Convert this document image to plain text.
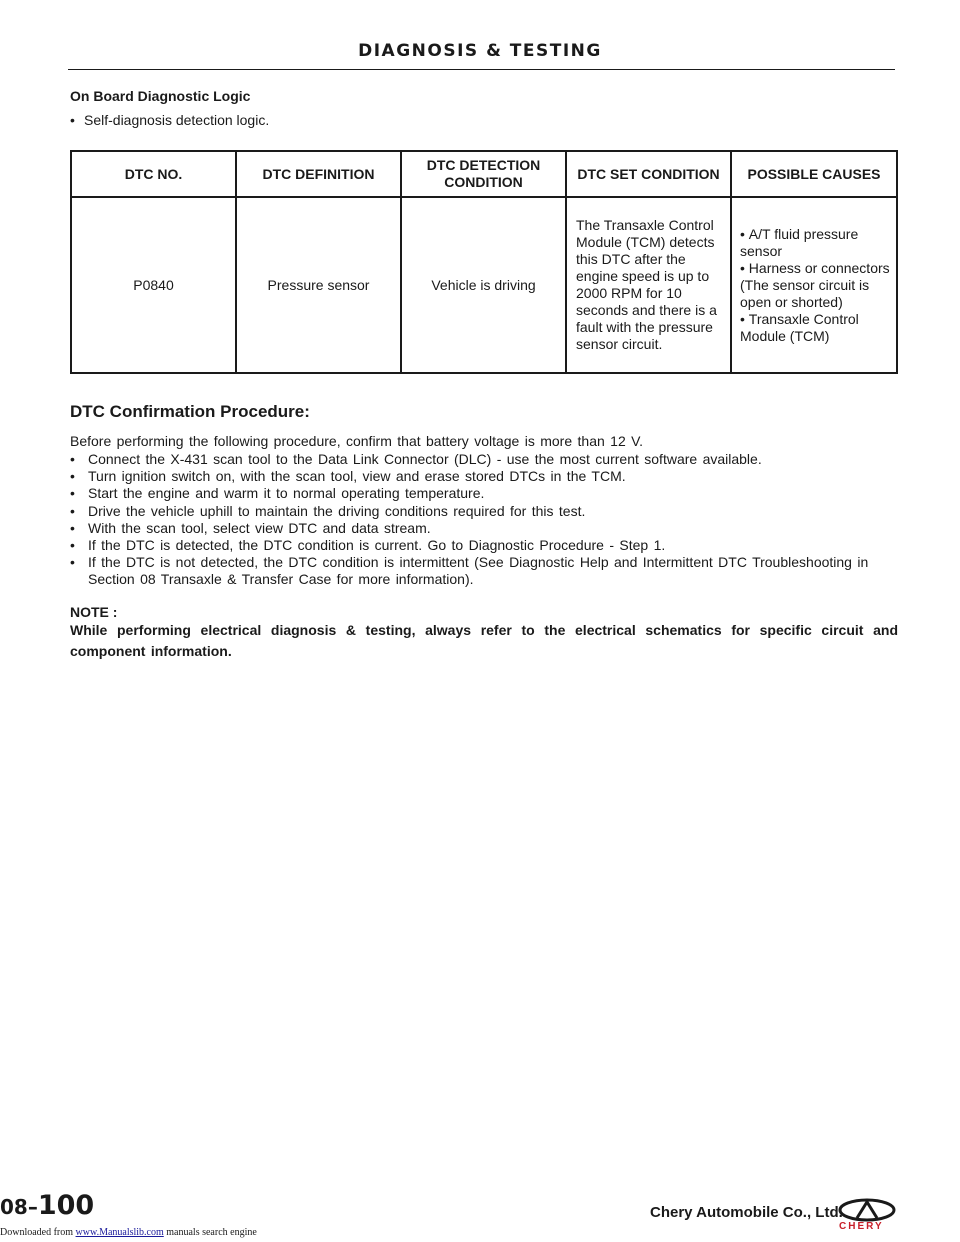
DIAGNOSIS & TESTING
On Board Diagnostic Logic
• Self-diagnosis detection logic.
DTC NO.	DTC DEFINITION	DTC DETECTION CONDITION	DTC SET CONDITION	POSSIBLE CAUSES
P0840	Pressure sensor	Vehicle is driving	The Transaxle Control Module (TCM) detects this DTC after the engine speed is up to 2000 RPM for 10 seconds and there is a fault with the pressure sensor circuit.	• A/T fluid pressure sensor
• Harness or connectors (The sensor circuit is open or shorted)
• Transaxle Control Module (TCM)
DTC Confirmation Procedure:
Before performing the following procedure, confirm that battery voltage is more than 12 V.
• Connect the X-431 scan tool to the Data Link Connector (DLC) - use the most current software available.
• Turn ignition switch on, with the scan tool, view and erase stored DTCs in the TCM.
• Start the engine and warm it to normal operating temperature.
• Drive the vehicle uphill to maintain the driving conditions required for this test.
• With the scan tool, select view DTC and data stream.
• If the DTC is detected, the DTC condition is current. Go to Diagnostic Procedure - Step 1.
• If the DTC is not detected, the DTC condition is intermittent (See Diagnostic Help and Intermittent DTC Troubleshooting in Section 08 Transaxle & Transfer Case for more information).
NOTE :
While performing electrical diagnosis & testing, always refer to the electrical schematics for specific circuit and component information.
08–100	Chery Automobile Co., Ltd.
CHERY
Downloaded from www.Manualslib.com manuals search engine
